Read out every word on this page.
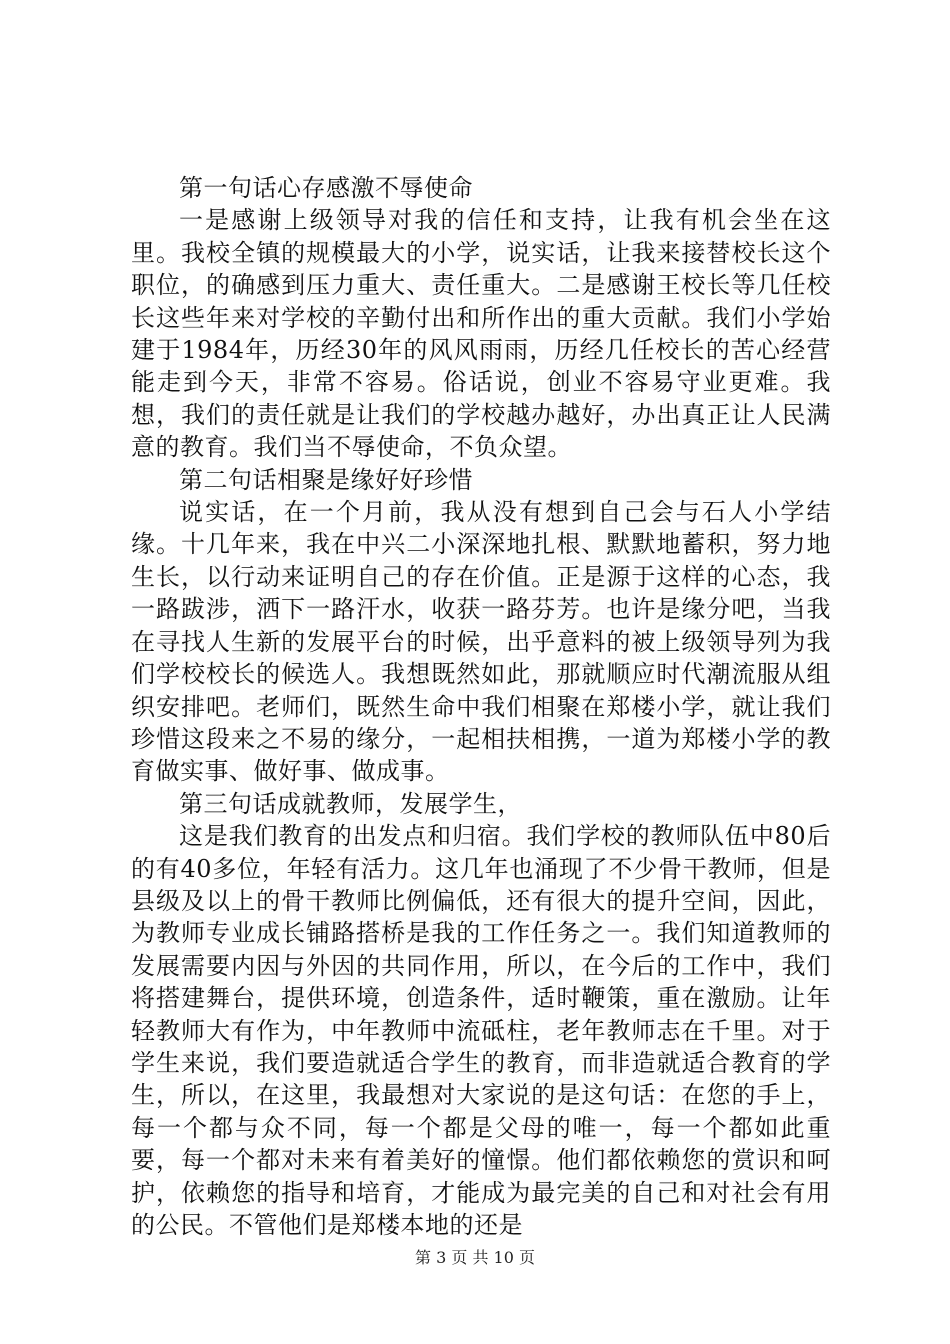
第一句话心存感激不辱使命

一是感谢上级领导对我的信任和支持，让我有机会坐在这里。我校全镇的规模最大的小学，说实话，让我来接替校长这个职位，的确感到压力重大、责任重大。二是感谢王校长等几任校长这些年来对学校的辛勤付出和所作出的重大贡献。我们小学始建于1984年，历经30年的风风雨雨，历经几任校长的苦心经营能走到今天，非常不容易。俗话说，创业不容易守业更难。我想，我们的责任就是让我们的学校越办越好，办出真正让人民满意的教育。我们当不辱使命，不负众望。

第二句话相聚是缘好好珍惜

说实话，在一个月前，我从没有想到自己会与石人小学结缘。十几年来，我在中兴二小深深地扎根、默默地蓄积，努力地生长，以行动来证明自己的存在价值。正是源于这样的心态，我一路跋涉，洒下一路汗水，收获一路芬芳。也许是缘分吧，当我在寻找人生新的发展平台的时候，出乎意料的被上级领导列为我们学校校长的候选人。我想既然如此，那就顺应时代潮流服从组织安排吧。老师们，既然生命中我们相聚在郑楼小学，就让我们珍惜这段来之不易的缘分，一起相扶相携，一道为郑楼小学的教育做实事、做好事、做成事。

第三句话成就教师，发展学生，

这是我们教育的出发点和归宿。我们学校的教师队伍中80后的有40多位，年轻有活力。这几年也涌现了不少骨干教师，但是县级及以上的骨干教师比例偏低，还有很大的提升空间，因此，为教师专业成长铺路搭桥是我的工作任务之一。我们知道教师的发展需要内因与外因的共同作用，所以，在今后的工作中，我们将搭建舞台，提供环境，创造条件，适时鞭策，重在激励。让年轻教师大有作为，中年教师中流砥柱，老年教师志在千里。对于学生来说，我们要造就适合学生的教育，而非造就适合教育的学生，所以，在这里，我最想对大家说的是这句话：在您的手上，每一个都与众不同，每一个都是父母的唯一，每一个都如此重要，每一个都对未来有着美好的憧憬。他们都依赖您的赏识和呵护，依赖您的指导和培育，才能成为最完美的自己和对社会有用的公民。不管他们是郑楼本地的还是

第 3 页 共 10 页
